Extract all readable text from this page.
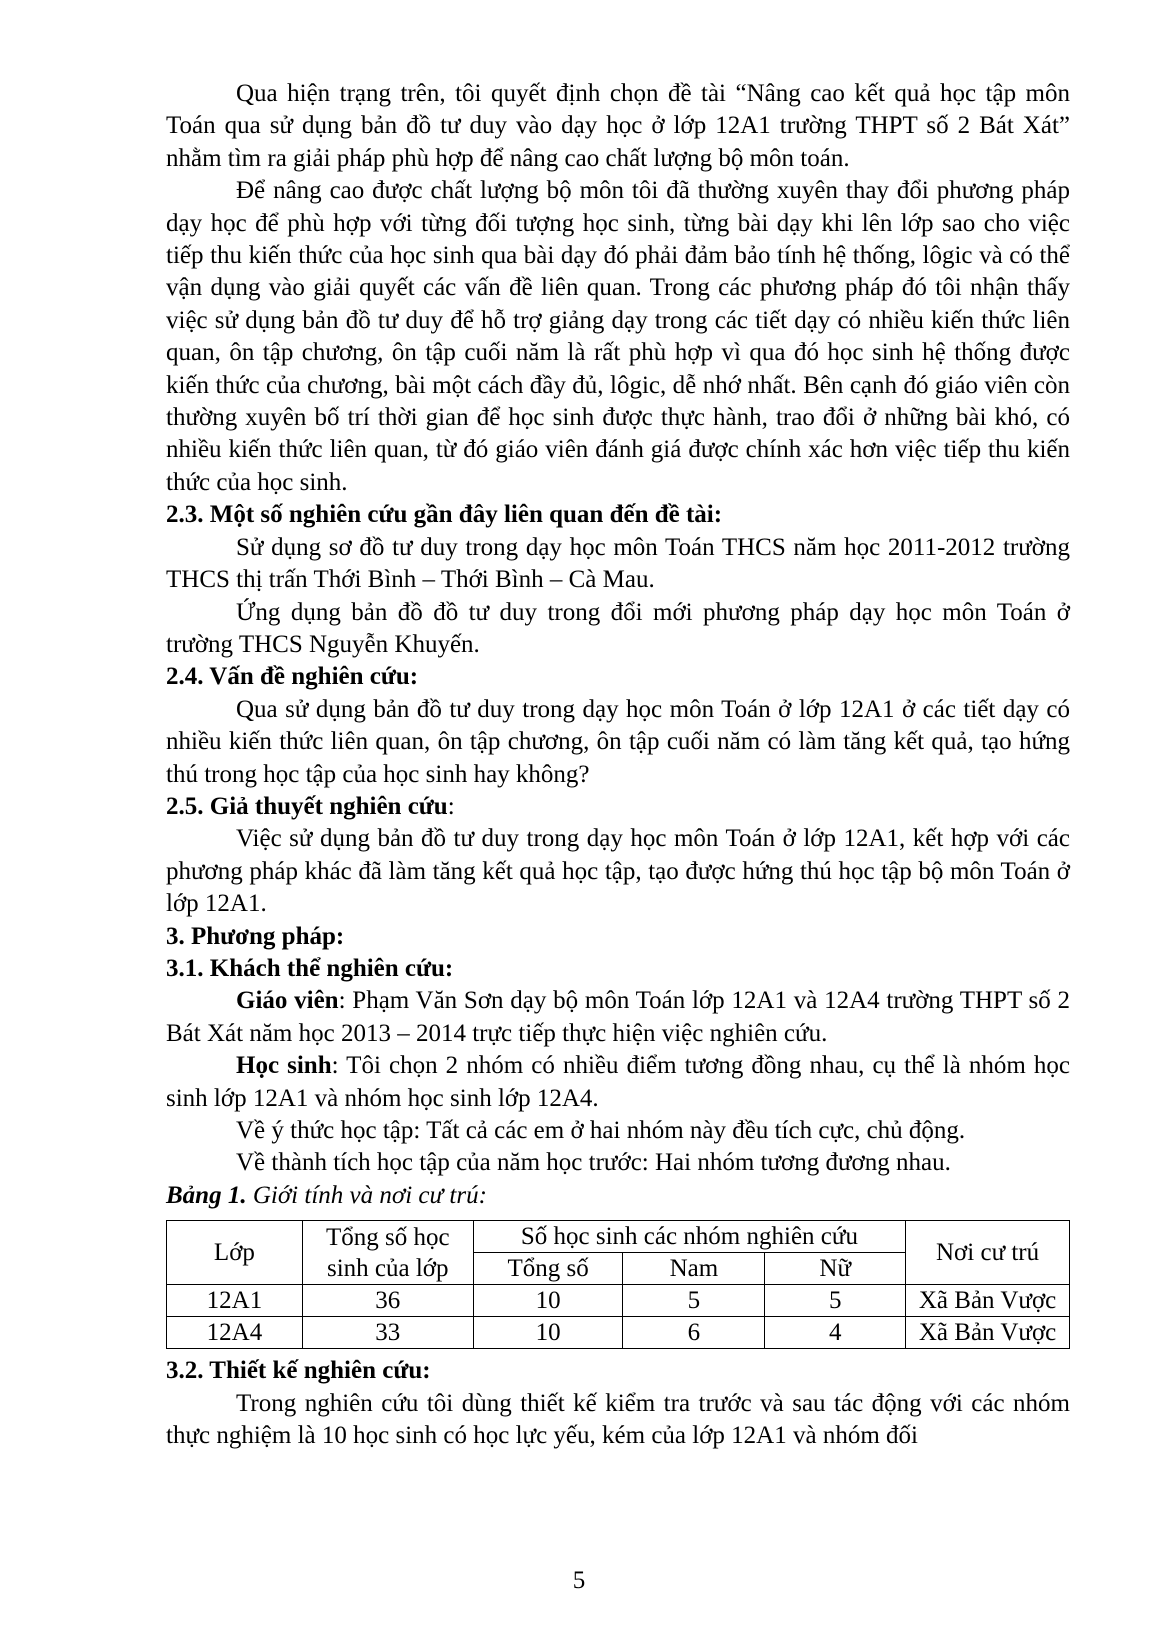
Qua hiện trạng trên, tôi quyết định chọn đề tài “Nâng cao kết quả học tập môn Toán qua sử dụng bản đồ tư duy vào dạy học ở lớp 12A1 trường THPT số 2 Bát Xát” nhằm tìm ra giải pháp phù hợp để nâng cao chất lượng bộ môn toán.

Để nâng cao được chất lượng bộ môn tôi đã thường xuyên thay đổi phương pháp dạy học để phù hợp với từng đối tượng học sinh, từng bài dạy khi lên lớp sao cho việc tiếp thu kiến thức của học sinh qua bài dạy đó phải đảm bảo tính hệ thống, lôgic và có thể vận dụng vào giải quyết các vấn đề liên quan. Trong các phương pháp đó tôi nhận thấy việc sử dụng bản đồ tư duy để hỗ trợ giảng dạy trong các tiết dạy có nhiều kiến thức liên quan, ôn tập chương, ôn tập cuối năm là rất phù hợp vì qua đó học sinh hệ thống được kiến thức của chương, bài một cách đầy đủ, lôgic, dễ nhớ nhất. Bên cạnh đó giáo viên còn thường xuyên bố trí thời gian để học sinh được thực hành, trao đổi ở những bài khó, có nhiều kiến thức liên quan, từ đó giáo viên đánh giá được chính xác hơn việc tiếp thu kiến thức của học sinh.

2.3. Một số nghiên cứu gần đây liên quan đến đề tài:

Sử dụng sơ đồ tư duy trong dạy học môn Toán THCS năm học 2011-2012 trường THCS thị trấn Thới Bình – Thới Bình – Cà Mau.

Ứng dụng bản đồ đồ tư duy trong đổi mới phương pháp dạy học môn Toán ở trường THCS Nguyễn Khuyến.

2.4. Vấn đề nghiên cứu:

Qua sử dụng bản đồ tư duy trong dạy học môn Toán ở lớp 12A1 ở các tiết dạy có nhiều kiến thức liên quan, ôn tập chương, ôn tập cuối năm có làm tăng kết quả, tạo hứng thú trong học tập của học sinh hay không?

2.5. Giả thuyết nghiên cứu:

Việc sử dụng bản đồ tư duy trong dạy học môn Toán ở lớp 12A1, kết hợp với các phương pháp khác đã làm tăng kết quả học tập, tạo được hứng thú học tập bộ môn Toán ở lớp 12A1.

3. Phương pháp:

3.1. Khách thể nghiên cứu:

Giáo viên: Phạm Văn Sơn dạy bộ môn Toán lớp 12A1 và 12A4 trường THPT số 2 Bát Xát năm học 2013 – 2014 trực tiếp thực hiện việc nghiên cứu.

Học sinh: Tôi chọn 2 nhóm có nhiều điểm tương đồng nhau, cụ thể là nhóm học sinh lớp 12A1 và nhóm học sinh lớp 12A4.

Về ý thức học tập: Tất cả các em ở hai nhóm này đều tích cực, chủ động.

Về thành tích học tập của năm học trước: Hai nhóm tương đương nhau.

Bảng 1. Giới tính và nơi cư trú:

Lớp	Tổng số học sinh của lớp	Số học sinh các nhóm nghiên cứu			Nơi cư trú
		Tổng số	Nam	Nữ	
12A1	36	10	5	5	Xã Bản Vược
12A4	33	10	6	4	Xã Bản Vược

3.2. Thiết kế nghiên cứu:

Trong nghiên cứu tôi dùng thiết kế kiểm tra trước và sau tác động với các nhóm thực nghiệm là 10 học sinh có học lực yếu, kém của lớp 12A1 và nhóm đối

5
